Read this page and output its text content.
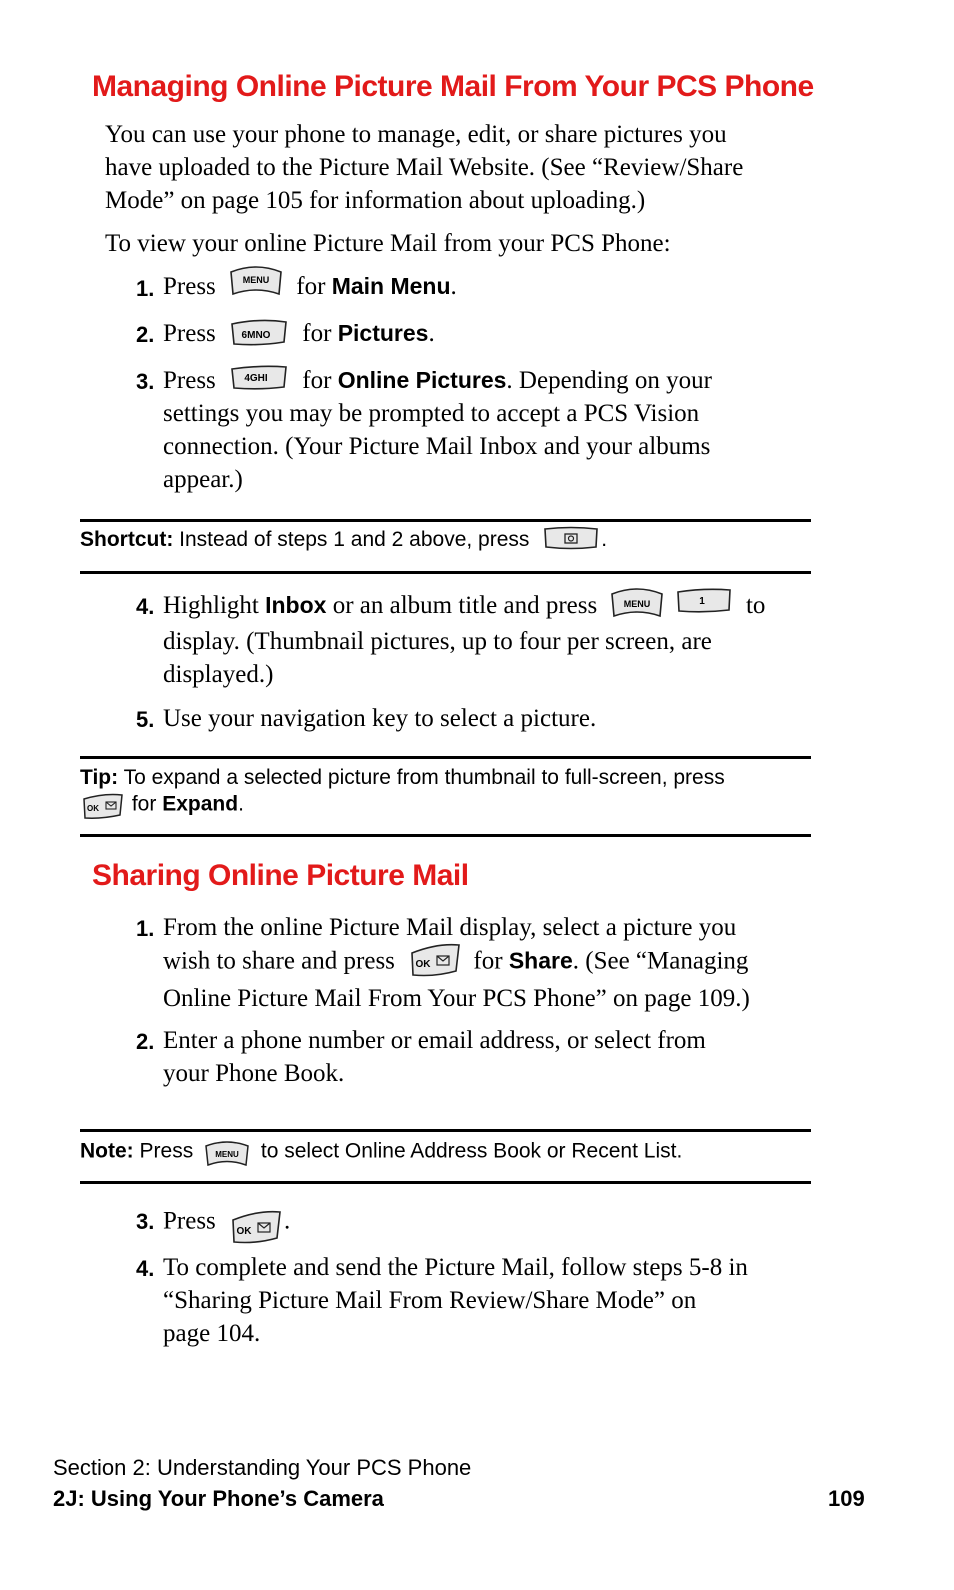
Managing Online Picture Mail From Your PCS Phone
You can use your phone to manage, edit, or share pictures you
have uploaded to the Picture Mail Website. (See “Review/Share
Mode” on page 105 for information about uploading.)
To view your online Picture Mail from your PCS Phone:
1. Press	MENU for Main Menu.
2. Press	6MNO for Pictures.
3. Press	4GHI for Online Pictures. Depending on your
settings you may be prompted to accept a PCS Vision
connection. (Your Picture Mail Inbox and your albums
appear.)
Shortcut: Instead of steps 1 and 2 above, press	.
4. Highlight Inbox or an album title and press	MENU
	1 to
display. (Thumbnail pictures, up to four per screen, are
displayed.)
5. Use your navigation key to select a picture.
Tip: To expand a selected picture from thumbnail to full-screen, press
OK for Expand.
Sharing Online Picture Mail
1. From the online Picture Mail display, select a picture you
wish to share and press OK for Share. (See “Managing
Online Picture Mail From Your PCS Phone” on page 109.)
2. Enter a phone number or email address, or select from
your Phone Book.
Note: Press	MENU to select Online Address Book or Recent List.
3. Press OK .
4. To complete and send the Picture Mail, follow steps 5-8 in
“Sharing Picture Mail From Review/Share Mode” on
page 104.
Section 2: Understanding Your PCS Phone
2J: Using Your Phone’s Camera	109
